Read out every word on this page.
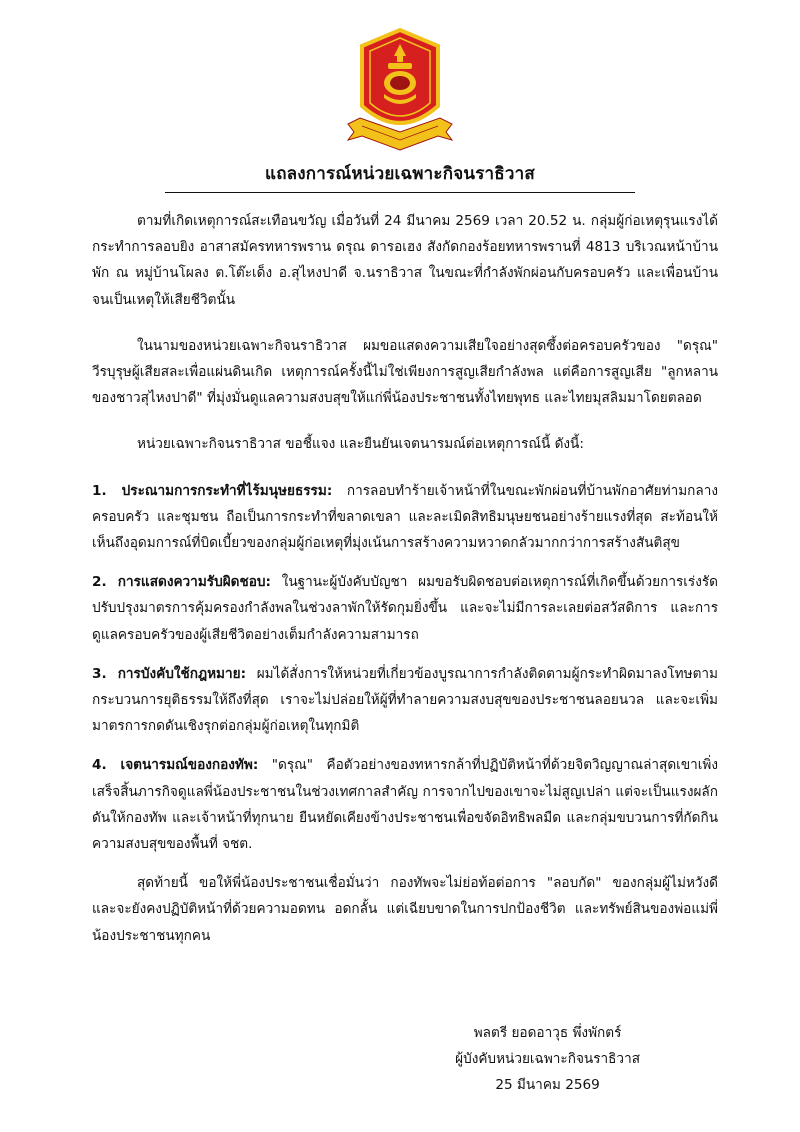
แถลงการณ์หน่วยเฉพาะกิจนราธิวาส

ตามที่เกิดเหตุการณ์สะเทือนขวัญ เมื่อวันที่ 24 มีนาคม 2569 เวลา 20.52 น. กลุ่มผู้ก่อเหตุรุนแรงได้กระทำการลอบยิง อาสาสมัครทหารพราน ดรุณ ดารอเฮง สังกัดกองร้อยทหารพรานที่ 4813 บริเวณหน้าบ้านพัก ณ หมู่บ้านโผลง ต.โต๊ะเด็ง อ.สุไหงปาดี จ.นราธิวาส ในขณะที่กำลังพักผ่อนกับครอบครัว และเพื่อนบ้าน จนเป็นเหตุให้เสียชีวิตนั้น

ในนามของหน่วยเฉพาะกิจนราธิวาส ผมขอแสดงความเสียใจอย่างสุดซึ้งต่อครอบครัวของ "ดรุณ" วีรบุรุษผู้เสียสละเพื่อแผ่นดินเกิด เหตุการณ์ครั้งนี้ไม่ใช่เพียงการสูญเสียกำลังพล แต่คือการสูญเสีย "ลูกหลานของชาวสุไหงปาดี" ที่มุ่งมั่นดูแลความสงบสุขให้แก่พี่น้องประชาชนทั้งไทยพุทธ และไทยมุสลิมมาโดยตลอด

หน่วยเฉพาะกิจนราธิวาส ขอชี้แจง และยืนยันเจตนารมณ์ต่อเหตุการณ์นี้ ดังนี้:

1. ประณามการกระทำที่ไร้มนุษยธรรม: การลอบทำร้ายเจ้าหน้าที่ในขณะพักผ่อนที่บ้านพักอาศัยท่ามกลางครอบครัว และชุมชน ถือเป็นการกระทำที่ขลาดเขลา และละเมิดสิทธิมนุษยชนอย่างร้ายแรงที่สุด สะท้อนให้เห็นถึงอุดมการณ์ที่บิดเบี้ยวของกลุ่มผู้ก่อเหตุที่มุ่งเน้นการสร้างความหวาดกลัวมากกว่าการสร้างสันติสุข

2. การแสดงความรับผิดชอบ: ในฐานะผู้บังคับบัญชา ผมขอรับผิดชอบต่อเหตุการณ์ที่เกิดขึ้นด้วยการเร่งรัดปรับปรุงมาตรการคุ้มครองกำลังพลในช่วงลาพักให้รัดกุมยิ่งขึ้น และจะไม่มีการละเลยต่อสวัสดิการ และการดูแลครอบครัวของผู้เสียชีวิตอย่างเต็มกำลังความสามารถ

3. การบังคับใช้กฎหมาย: ผมได้สั่งการให้หน่วยที่เกี่ยวข้องบูรณาการกำลังติดตามผู้กระทำผิดมาลงโทษตามกระบวนการยุติธรรมให้ถึงที่สุด เราจะไม่ปล่อยให้ผู้ที่ทำลายความสงบสุขของประชาชนลอยนวล และจะเพิ่มมาตรการกดดันเชิงรุกต่อกลุ่มผู้ก่อเหตุในทุกมิติ

4. เจตนารมณ์ของกองทัพ: "ดรุณ" คือตัวอย่างของทหารกล้าที่ปฏิบัติหน้าที่ด้วยจิตวิญญาณล่าสุดเขาเพิ่งเสร็จสิ้นภารกิจดูแลพี่น้องประชาชนในช่วงเทศกาลสำคัญ การจากไปของเขาจะไม่สูญเปล่า แต่จะเป็นแรงผลักดันให้กองทัพ และเจ้าหน้าที่ทุกนาย ยืนหยัดเคียงข้างประชาชนเพื่อขจัดอิทธิพลมืด และกลุ่มขบวนการที่กัดกินความสงบสุขของพื้นที่ จชต.

สุดท้ายนี้ ขอให้พี่น้องประชาชนเชื่อมั่นว่า กองทัพจะไม่ย่อท้อต่อการ "ลอบกัด" ของกลุ่มผู้ไม่หวังดี และจะยังคงปฏิบัติหน้าที่ด้วยความอดทน อดกลั้น แต่เฉียบขาดในการปกป้องชีวิต และทรัพย์สินของพ่อแม่พี่น้องประชาชนทุกคน

พลตรี ยอดอาวุธ พึ่งพักตร์
ผู้บังคับหน่วยเฉพาะกิจนราธิวาส
25 มีนาคม 2569
